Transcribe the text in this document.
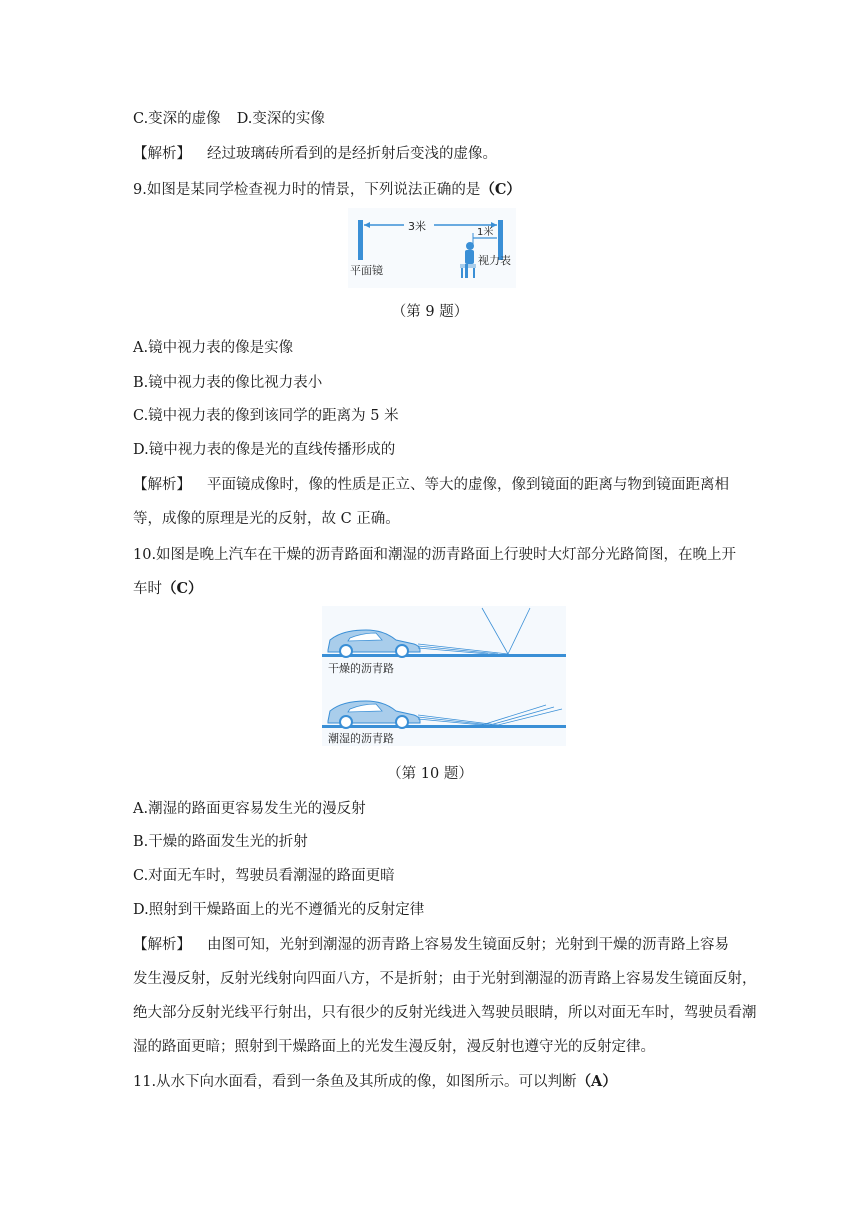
C.变深的虚像 D.变深的实像
【解析】 经过玻璃砖所看到的是经折射后变浅的虚像。
9.如图是某同学检查视力时的情景，下列说法正确的是（C）
3米	1米
平面镜
视力表
（第 9 题）
A.镜中视力表的像是实像
B.镜中视力表的像比视力表小
C.镜中视力表的像到该同学的距离为 5 米
D.镜中视力表的像是光的直线传播形成的
【解析】 平面镜成像时，像的性质是正立、等大的虚像，像到镜面的距离与物到镜面距离相
等，成像的原理是光的反射，故 C 正确。
10.如图是晚上汽车在干燥的沥青路面和潮湿的沥青路面上行驶时大灯部分光路简图，在晚上开
车时（C）
干燥的沥青路
潮湿的沥青路
（第 10 题）
A.潮湿的路面更容易发生光的漫反射
B.干燥的路面发生光的折射
C.对面无车时，驾驶员看潮湿的路面更暗
D.照射到干燥路面上的光不遵循光的反射定律
【解析】 由图可知，光射到潮湿的沥青路上容易发生镜面反射；光射到干燥的沥青路上容易
发生漫反射，反射光线射向四面八方，不是折射；由于光射到潮湿的沥青路上容易发生镜面反射，
绝大部分反射光线平行射出，只有很少的反射光线进入驾驶员眼睛，所以对面无车时，驾驶员看潮
湿的路面更暗；照射到干燥路面上的光发生漫反射，漫反射也遵守光的反射定律。
11.从水下向水面看，看到一条鱼及其所成的像，如图所示。可以判断（A）
